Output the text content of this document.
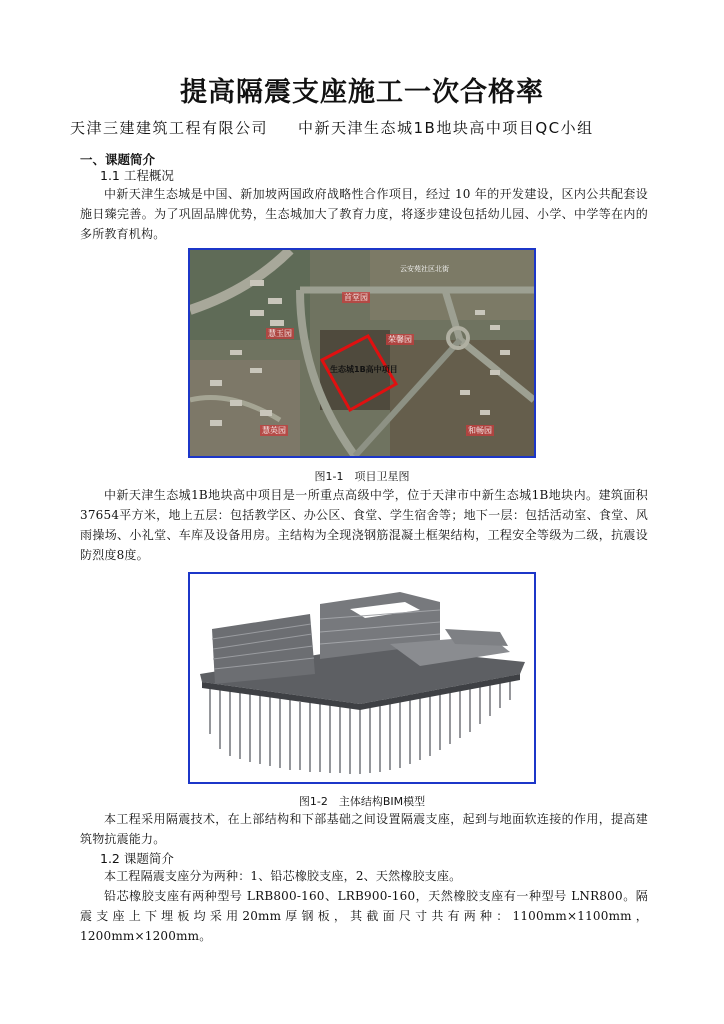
提高隔震支座施工一次合格率
天津三建建筑工程有限公司 中新天津生态城1B地块高中项目QC小组
一、课题简介
1.1 工程概况
中新天津生态城是中国、新加坡两国政府战略性合作项目，经过 10 年的开发建设，区内公共配套设施日臻完善。为了巩固品牌优势，生态城加大了教育力度，将逐步建设包括幼儿园、小学、中学等在内的多所教育机构。
首堂园
慧玉园
荣馨园
慧英园	和畅园
生态城1B高中项目
云安苑社区北街
图1-1　项目卫星图
中新天津生态城1B地块高中项目是一所重点高级中学，位于天津市中新生态城1B地块内。建筑面积37654平方米，地上五层：包括教学区、办公区、食堂、学生宿舍等；地下一层：包括活动室、食堂、风雨操场、小礼堂、车库及设备用房。主结构为全现浇钢筋混凝土框架结构，工程安全等级为二级，抗震设防烈度8度。
图1-2　主体结构BIM模型
本工程采用隔震技术，在上部结构和下部基础之间设置隔震支座，起到与地面软连接的作用，提高建筑物抗震能力。
1.2 课题简介
本工程隔震支座分为两种：1、铅芯橡胶支座，2、天然橡胶支座。
铅芯橡胶支座有两种型号 LRB800-160、LRB900-160，天然橡胶支座有一种型号 LNR800。隔震支座上下埋板均采用20mm厚钢板，其截面尺寸共有两种：1100mm×1100mm，1200mm×1200mm。
